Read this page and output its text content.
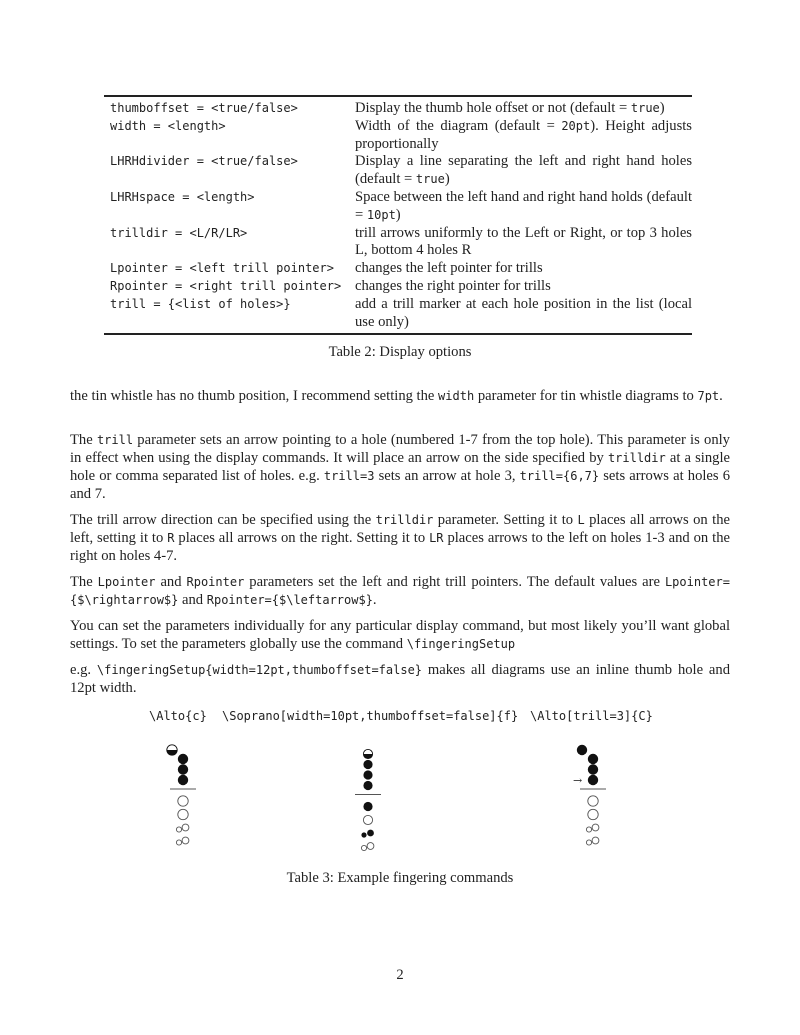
thumboffset = <true/false>	Display the thumb hole offset or not (default = true)
width = <length>	Width of the diagram (default = 20pt). Height adjusts proportionally
LHRHdivider = <true/false>	Display a line separating the left and right hand holes (default = true)
LHRHspace = <length>	Space between the left hand and right hand holds (default = 10pt)
trilldir = <L/R/LR>	trill arrows uniformly to the Left or Right, or top 3 holes L, bottom 4 holes R
Lpointer = <left trill pointer>	changes the left pointer for trills
Rpointer = <right trill pointer> changes the right pointer for trills
trill = {<list of holes>}	add a trill marker at each hole position in the list (local use only)
Table 2: Display options
the tin whistle has no thumb position, I recommend setting the width parameter for tin whistle diagrams to 7pt.
The trill parameter sets an arrow pointing to a hole (numbered 1-7 from the top hole). This parameter is only in effect when using the display commands. It will place an arrow on the side specified by trilldir at a single hole or comma separated list of holes. e.g. trill=3 sets an arrow at hole 3, trill={6,7} sets arrows at holes 6 and 7.
The trill arrow direction can be specified using the trilldir parameter. Setting it to L places all arrows on the left, setting it to R places all arrows on the right. Setting it to LR places arrows to the left on holes 1-3 and on the right on holes 4-7.
The Lpointer and Rpointer parameters set the left and right trill pointers. The default values are Lpointer={$\rightarrow$} and Rpointer={$\leftarrow$}.
You can set the parameters individually for any particular display command, but most likely you’ll want global settings. To set the parameters globally use the command \fingeringSetup
e.g. \fingeringSetup{width=12pt,thumboffset=false} makes all diagrams use an inline thumb hole and 12pt width.
\Alto{c} \Soprano[width=10pt,thumboffset=false]{f} \Alto[trill=3]{C}
→
Table 3: Example fingering commands
2
